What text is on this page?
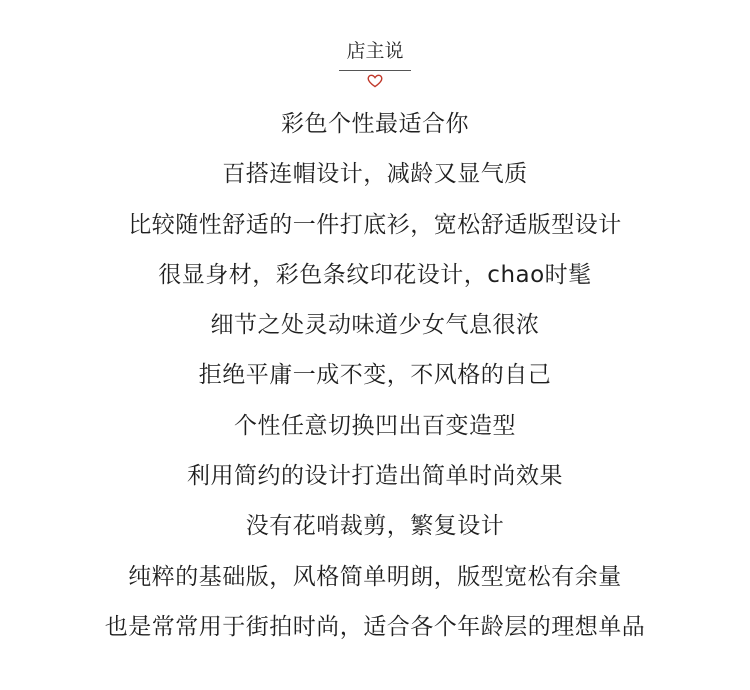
店主说
彩色个性最适合你
百搭连帽设计，减龄又显气质
比较随性舒适的一件打底衫，宽松舒适版型设计
很显身材，彩色条纹印花设计，chao时髦
细节之处灵动味道少女气息很浓
拒绝平庸一成不变，不风格的自己
个性任意切换凹出百变造型
利用简约的设计打造出简单时尚效果
没有花哨裁剪，繁复设计
纯粹的基础版，风格简单明朗，版型宽松有余量
也是常常用于街拍时尚，适合各个年龄层的理想单品
